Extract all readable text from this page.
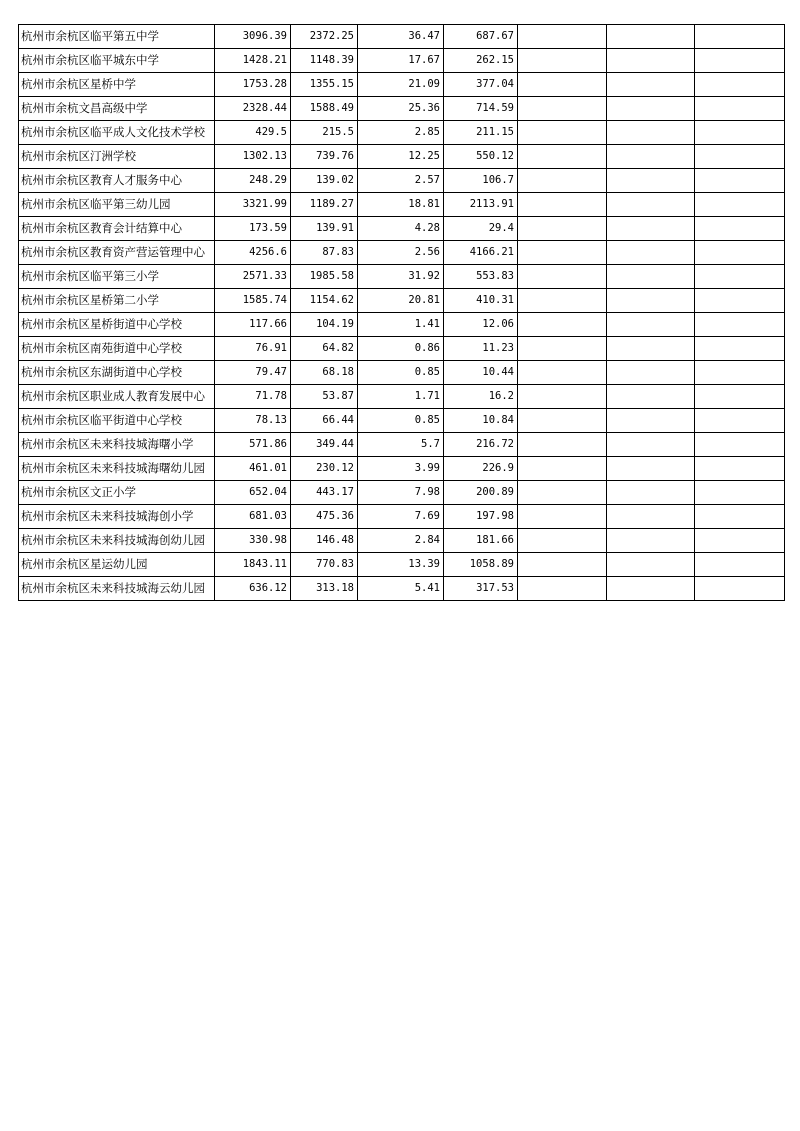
杭州市余杭区临平第五中学	3096.39	2372.25	36.47	687.67			
杭州市余杭区临平城东中学	1428.21	1148.39	17.67	262.15			
杭州市余杭区星桥中学	1753.28	1355.15	21.09	377.04			
杭州市余杭文昌高级中学	2328.44	1588.49	25.36	714.59			
杭州市余杭区临平成人文化技术学校	429.5	215.5	2.85	211.15			
杭州市余杭区汀洲学校	1302.13	739.76	12.25	550.12			
杭州市余杭区教育人才服务中心	248.29	139.02	2.57	106.7			
杭州市余杭区临平第三幼儿园	3321.99	1189.27	18.81	2113.91			
杭州市余杭区教育会计结算中心	173.59	139.91	4.28	29.4			
杭州市余杭区教育资产营运管理中心	4256.6	87.83	2.56	4166.21			
杭州市余杭区临平第三小学	2571.33	1985.58	31.92	553.83			
杭州市余杭区星桥第二小学	1585.74	1154.62	20.81	410.31			
杭州市余杭区星桥街道中心学校	117.66	104.19	1.41	12.06			
杭州市余杭区南苑街道中心学校	76.91	64.82	0.86	11.23			
杭州市余杭区东湖街道中心学校	79.47	68.18	0.85	10.44			
杭州市余杭区职业成人教育发展中心	71.78	53.87	1.71	16.2			
杭州市余杭区临平街道中心学校	78.13	66.44	0.85	10.84			
杭州市余杭区未来科技城海曙小学	571.86	349.44	5.7	216.72			
杭州市余杭区未来科技城海曙幼儿园	461.01	230.12	3.99	226.9			
杭州市余杭区文正小学	652.04	443.17	7.98	200.89			
杭州市余杭区未来科技城海创小学	681.03	475.36	7.69	197.98			
杭州市余杭区未来科技城海创幼儿园	330.98	146.48	2.84	181.66			
杭州市余杭区星运幼儿园	1843.11	770.83	13.39	1058.89			
杭州市余杭区未来科技城海云幼儿园	636.12	313.18	5.41	317.53			
